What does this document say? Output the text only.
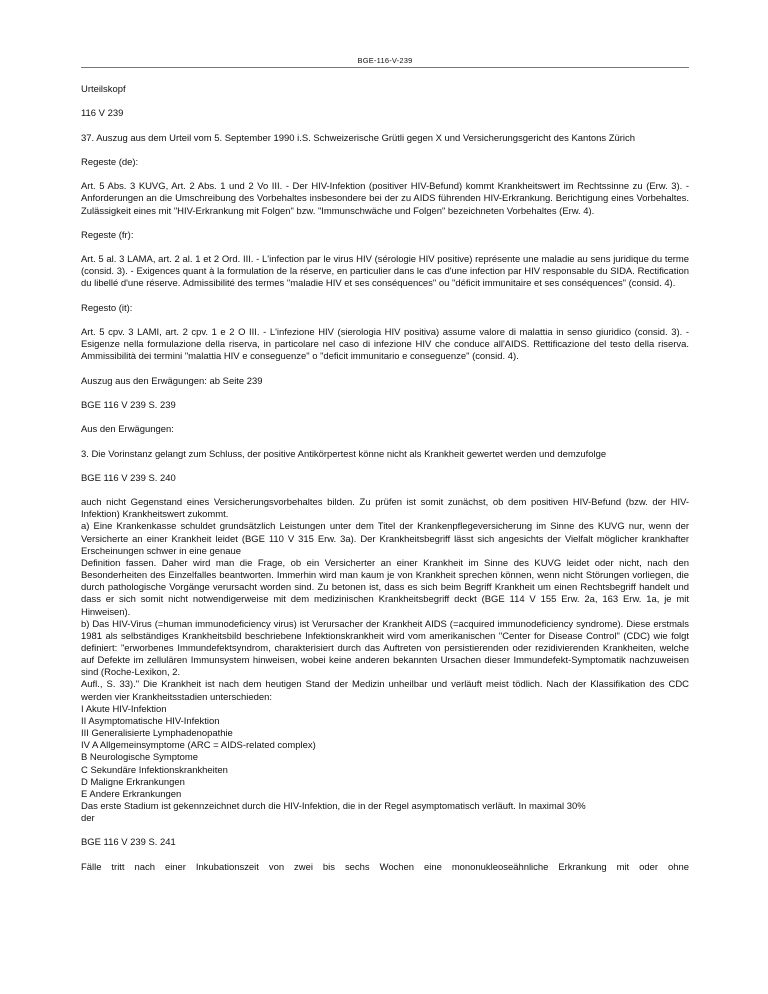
BGE-116-V-239

Urteilskopf

116 V 239

37. Auszug aus dem Urteil vom 5. September 1990 i.S. Schweizerische Grütli gegen X und Versicherungsgericht des Kantons Zürich

Regeste (de):

Art. 5 Abs. 3 KUVG, Art. 2 Abs. 1 und 2 Vo III. - Der HIV-Infektion (positiver HIV-Befund) kommt Krankheitswert im Rechtssinne zu (Erw. 3). - Anforderungen an die Umschreibung des Vorbehaltes insbesondere bei der zu AIDS führenden HIV-Erkrankung. Berichtigung eines Vorbehaltes. Zulässigkeit eines mit "HIV-Erkrankung mit Folgen" bzw. "Immunschwäche und Folgen" bezeichneten Vorbehaltes (Erw. 4).

Regeste (fr):

Art. 5 al. 3 LAMA, art. 2 al. 1 et 2 Ord. III. - L'infection par le virus HIV (sérologie HIV positive) représente une maladie au sens juridique du terme (consid. 3). - Exigences quant à la formulation de la réserve, en particulier dans le cas d'une infection par HIV responsable du SIDA. Rectification du libellé d'une réserve. Admissibilité des termes "maladie HIV et ses conséquences" ou "déficit immunitaire et ses conséquences" (consid. 4).

Regesto (it):

Art. 5 cpv. 3 LAMI, art. 2 cpv. 1 e 2 O III. - L'infezione HIV (sierologia HIV positiva) assume valore di malattia in senso giuridico (consid. 3). - Esigenze nella formulazione della riserva, in particolare nel caso di infezione HIV che conduce all'AIDS. Rettificazione del testo della riserva. Ammissibilità dei termini "malattia HIV e conseguenze" o "deficit immunitario e conseguenze" (consid. 4).

Auszug aus den Erwägungen: ab Seite 239

BGE 116 V 239 S. 239

Aus den Erwägungen:

3. Die Vorinstanz gelangt zum Schluss, der positive Antikörpertest könne nicht als Krankheit gewertet werden und demzufolge

BGE 116 V 239 S. 240

auch nicht Gegenstand eines Versicherungsvorbehaltes bilden. Zu prüfen ist somit zunächst, ob dem positiven HIV-Befund (bzw. der HIV-Infektion) Krankheitswert zukommt.
a) Eine Krankenkasse schuldet grundsätzlich Leistungen unter dem Titel der Krankenpflegeversicherung im Sinne des KUVG nur, wenn der Versicherte an einer Krankheit leidet (BGE 110 V 315 Erw. 3a). Der Krankheitsbegriff lässt sich angesichts der Vielfalt möglicher krankhafter Erscheinungen schwer in eine genaue
Definition fassen. Daher wird man die Frage, ob ein Versicherter an einer Krankheit im Sinne des KUVG leidet oder nicht, nach den Besonderheiten des Einzelfalles beantworten. Immerhin wird man kaum je von Krankheit sprechen können, wenn nicht Störungen vorliegen, die durch pathologische Vorgänge verursacht worden sind. Zu betonen ist, dass es sich beim Begriff Krankheit um einen Rechtsbegriff handelt und dass er sich somit nicht notwendigerweise mit dem medizinischen Krankheitsbegriff deckt (BGE 114 V 155 Erw. 2a, 163 Erw. 1a, je mit Hinweisen).
b) Das HIV-Virus (=human immunodeficiency virus) ist Verursacher der Krankheit AIDS (=acquired immunodeficiency syndrome). Diese erstmals 1981 als selbständiges Krankheitsbild beschriebene Infektionskrankheit wird vom amerikanischen "Center for Disease Control" (CDC) wie folgt definiert: "erworbenes Immundefektsyndrom, charakterisiert durch das Auftreten von persistierenden oder rezidivierenden Krankheiten, welche auf Defekte im zellulären Immunsystem hinweisen, wobei keine anderen bekannten Ursachen dieser Immundefekt-Symptomatik nachzuweisen sind (Roche-Lexikon, 2.
Aufl., S. 33)." Die Krankheit ist nach dem heutigen Stand der Medizin unheilbar und verläuft meist tödlich. Nach der Klassifikation des CDC werden vier Krankheitsstadien unterschieden:
I Akute HIV-Infektion
II Asymptomatische HIV-Infektion
III Generalisierte Lymphadenopathie
IV A Allgemeinsymptome (ARC = AIDS-related complex)
B Neurologische Symptome
C Sekundäre Infektionskrankheiten
D Maligne Erkrankungen
E Andere Erkrankungen
Das erste Stadium ist gekennzeichnet durch die HIV-Infektion, die in der Regel asymptomatisch verläuft. In maximal 30%
der

BGE 116 V 239 S. 241

Fälle tritt nach einer Inkubationszeit von zwei bis sechs Wochen eine mononukleoseähnliche Erkrankung mit oder ohne
